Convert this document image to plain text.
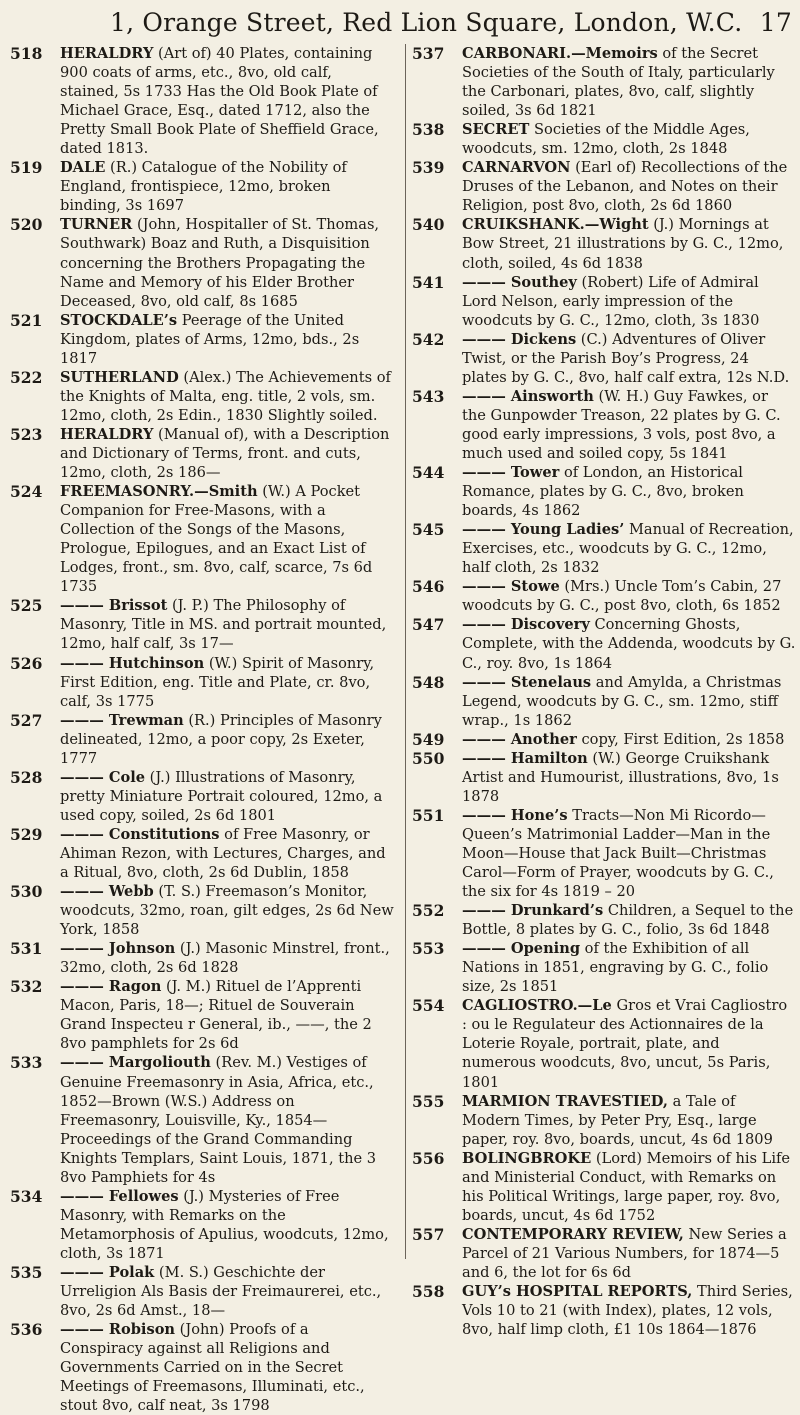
1, Orange Street, Red Lion Square, London, W.C. 17

518	HERALDRY (Art of) 40 Plates, containing 900 coats of arms, etc., 8vo, old calf, stained, 5s 1733 Has the Old Book Plate of Michael Grace, Esq., dated 1712, also the Pretty Small Book Plate of Sheffield Grace, dated 1813.

519	DALE (R.) Catalogue of the Nobility of England, frontispiece, 12mo, broken binding, 3s 1697

520	TURNER (John, Hospitaller of St. Thomas, Southwark) Boaz and Ruth, a Disquisition concerning the Brothers Propagating the Name and Memory of his Elder Brother Deceased, 8vo, old calf, 8s 1685

521	STOCKDALE’s Peerage of the United Kingdom, plates of Arms, 12mo, bds., 2s 1817

522	SUTHERLAND (Alex.) The Achievements of the Knights of Malta, eng. title, 2 vols, sm. 12mo, cloth, 2s Edin., 1830 Slightly soiled.

523	HERALDRY (Manual of), with a Description and Dictionary of Terms, front. and cuts, 12mo, cloth, 2s 186—

524	FREEMASONRY.—Smith (W.) A Pocket Companion for Free-Masons, with a Collection of the Songs of the Masons, Prologue, Epilogues, and an Exact List of Lodges, front., sm. 8vo, calf, scarce, 7s 6d 1735

525	——— Brissot (J. P.) The Philosophy of Masonry, Title in MS. and portrait mounted, 12mo, half calf, 3s 17—

526	——— Hutchinson (W.) Spirit of Masonry, First Edition, eng. Title and Plate, cr. 8vo, calf, 3s 1775

527	——— Trewman (R.) Principles of Masonry delineated, 12mo, a poor copy, 2s Exeter, 1777

528	——— Cole (J.) Illustrations of Masonry, pretty Miniature Portrait coloured, 12mo, a used copy, soiled, 2s 6d 1801

529	——— Constitutions of Free Masonry, or Ahiman Rezon, with Lectures, Charges, and a Ritual, 8vo, cloth, 2s 6d Dublin, 1858

530	——— Webb (T. S.) Freemason’s Monitor, woodcuts, 32mo, roan, gilt edges, 2s 6d New York, 1858

531	——— Johnson (J.) Masonic Minstrel, front., 32mo, cloth, 2s 6d 1828

532	——— Ragon (J. M.) Rituel de l’Apprenti Macon, Paris, 18—; Rituel de Souverain Grand Inspecteu r General, ib., ——, the 2 8vo pamphlets for 2s 6d

533	——— Margoliouth (Rev. M.) Vestiges of Genuine Freemasonry in Asia, Africa, etc., 1852—Brown (W.S.) Address on Freemasonry, Louisville, Ky., 1854—Proceedings of the Grand Commanding Knights Templars, Saint Louis, 1871, the 3 8vo Pamphiets for 4s

534	——— Fellowes (J.) Mysteries of Free Masonry, with Remarks on the Metamorphosis of Apulius, woodcuts, 12mo, cloth, 3s 1871

535	——— Polak (M. S.) Geschichte der Urreligion Als Basis der Freimaurerei, etc., 8vo, 2s 6d Amst., 18—

536	——— Robison (John) Proofs of a Conspiracy against all Religions and Governments Carried on in the Secret Meetings of Freemasons, Illuminati, etc., stout 8vo, calf neat, 3s 1798

537	CARBONARI.—Memoirs of the Secret Societies of the South of Italy, particularly the Carbonari, plates, 8vo, calf, slightly soiled, 3s 6d 1821

538	SECRET Societies of the Middle Ages, woodcuts, sm. 12mo, cloth, 2s 1848

539	CARNARVON (Earl of) Recollections of the Druses of the Lebanon, and Notes on their Religion, post 8vo, cloth, 2s 6d 1860

540	CRUIKSHANK.—Wight (J.) Mornings at Bow Street, 21 illustrations by G. C., 12mo, cloth, soiled, 4s 6d 1838

541	——— Southey (Robert) Life of Admiral Lord Nelson, early impression of the woodcuts by G. C., 12mo, cloth, 3s 1830

542	——— Dickens (C.) Adventures of Oliver Twist, or the Parish Boy’s Progress, 24 plates by G. C., 8vo, half calf extra, 12s N.D.

543	——— Ainsworth (W. H.) Guy Fawkes, or the Gunpowder Treason, 22 plates by G. C. good early impressions, 3 vols, post 8vo, a much used and soiled copy, 5s 1841

544	——— Tower of London, an Historical Romance, plates by G. C., 8vo, broken boards, 4s 1862

545	——— Young Ladies’ Manual of Recreation, Exercises, etc., woodcuts by G. C., 12mo, half cloth, 2s 1832

546	——— Stowe (Mrs.) Uncle Tom’s Cabin, 27 woodcuts by G. C., post 8vo, cloth, 6s 1852

547	——— Discovery Concerning Ghosts, Complete, with the Addenda, woodcuts by G. C., roy. 8vo, 1s 1864

548	——— Stenelaus and Amylda, a Christmas Legend, woodcuts by G. C., sm. 12mo, stiff wrap., 1s 1862

549	——— Another copy, First Edition, 2s 1858

550	——— Hamilton (W.) George Cruikshank Artist and Humourist, illustrations, 8vo, 1s 1878

551	——— Hone’s Tracts—Non Mi Ricordo—Queen’s Matrimonial Ladder—Man in the Moon—House that Jack Built—Christmas Carol—Form of Prayer, woodcuts by G. C., the six for 4s 1819 – 20

552	——— Drunkard’s Children, a Sequel to the Bottle, 8 plates by G. C., folio, 3s 6d 1848

553	——— Opening of the Exhibition of all Nations in 1851, engraving by G. C., folio size, 2s 1851

554	CAGLIOSTRO.—Le Gros et Vrai Cagliostro : ou le Regulateur des Actionnaires de la Loterie Royale, portrait, plate, and numerous woodcuts, 8vo, uncut, 5s Paris, 1801

555	MARMION TRAVESTIED, a Tale of Modern Times, by Peter Pry, Esq., large paper, roy. 8vo, boards, uncut, 4s 6d 1809

556	BOLINGBROKE (Lord) Memoirs of his Life and Ministerial Conduct, with Remarks on his Political Writings, large paper, roy. 8vo, boards, uncut, 4s 6d 1752

557	CONTEMPORARY REVIEW, New Series a Parcel of 21 Various Numbers, for 1874—5 and 6, the lot for 6s 6d

558	GUY’s HOSPITAL REPORTS, Third Series, Vols 10 to 21 (with Index), plates, 12 vols, 8vo, half limp cloth, £1 10s 1864—1876
